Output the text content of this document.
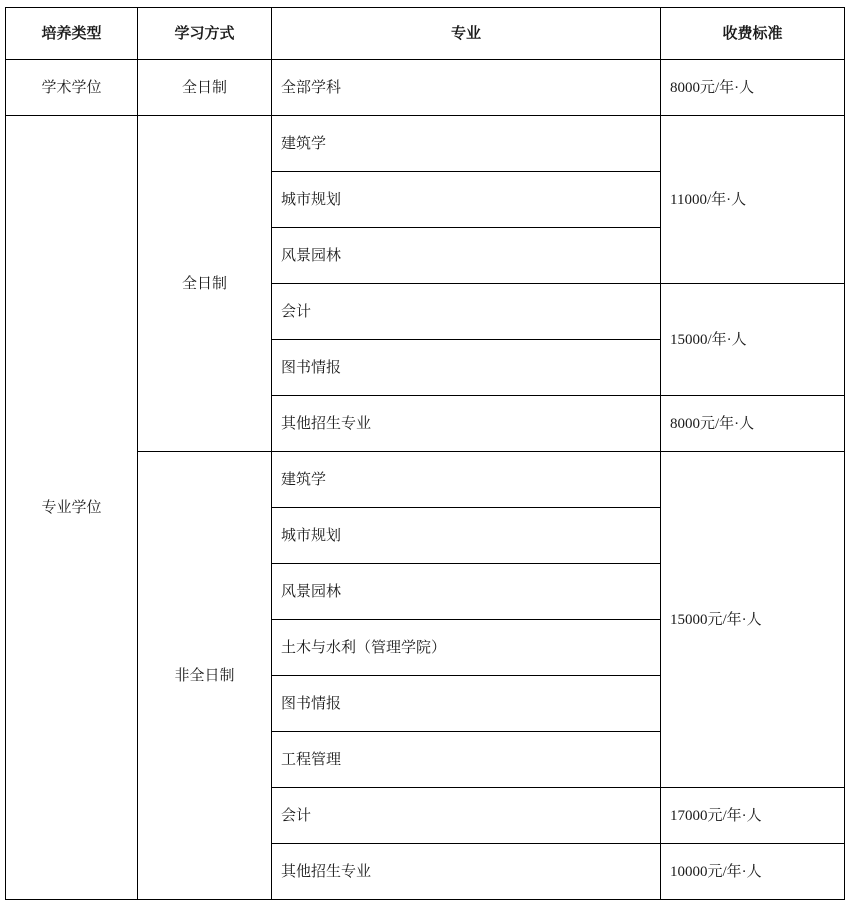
培养类型	学习方式	专业	收费标准
学术学位	全日制	全部学科	8000元/年·人
专业学位	全日制	建筑学	11000/年·人
		城市规划	
		风景园林	
		会计	15000/年·人
		图书情报	
		其他招生专业	8000元/年·人
	非全日制	建筑学	15000元/年·人
		城市规划	
		风景园林	
		土木与水利（管理学院）	
		图书情报	
		工程管理	
		会计	17000元/年·人
		其他招生专业	10000元/年·人
